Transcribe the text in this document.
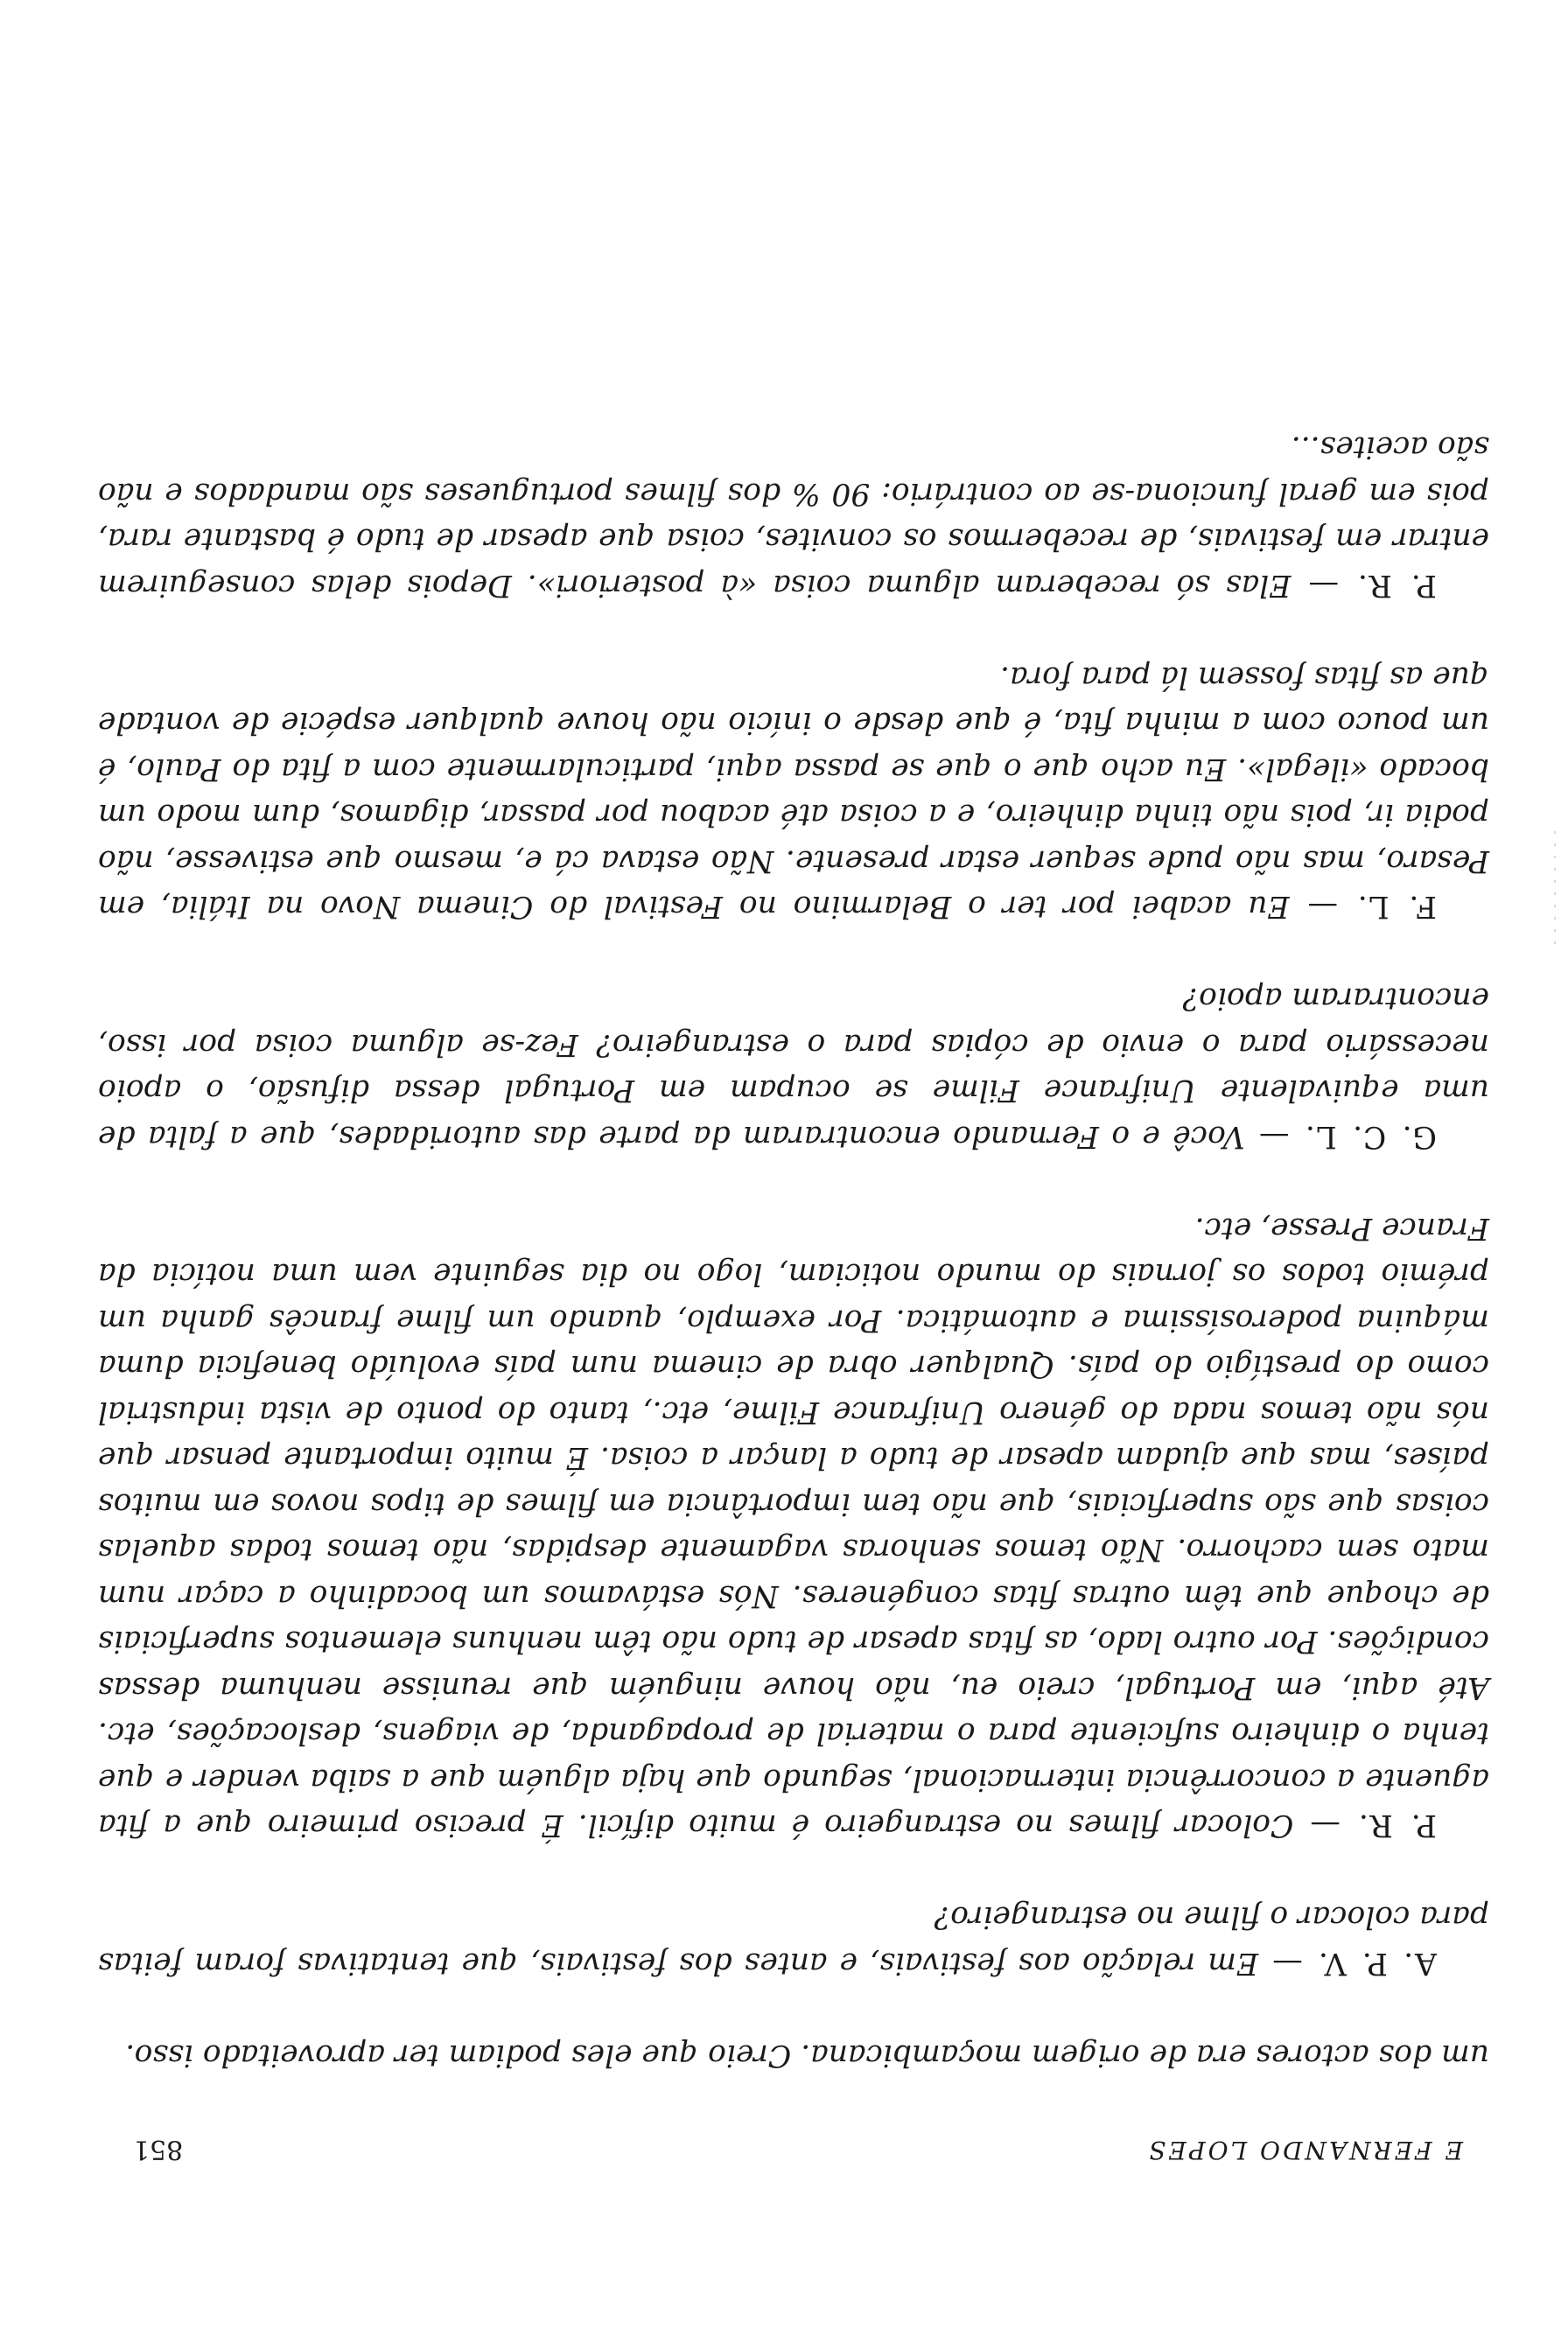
E FERNANDO LOPES
851

um dos actores era de origem moçambicana. Creio que eles podiam ter aproveitado isso.

A. P. V. — Em relação aos festivais, e antes dos festivais, que tentativas foram feitas para colocar o filme no estrangeiro?

P. R. — Colocar filmes no estrangeiro é muito difícil. É preciso primeiro que a fita aguente a concorrência internacional, segundo que haja alguém que a saiba vender e que tenha o dinheiro suficiente para o material de propaganda, de viagens, deslocações, etc. Até aqui, em Portugal, creio eu, não houve ninguém que reunisse nenhuma dessas condições. Por outro lado, as fitas apesar de tudo não têm nenhuns elementos superficiais de choque que têm outras fitas congéneres. Nós estávamos um bocadinho a caçar num mato sem cachorro. Não temos senhoras vagamente despidas, não temos todas aquelas coisas que são superficiais, que não tem importância em filmes de tipos novos em muitos países, mas que ajudam apesar de tudo a lançar a coisa. É muito importante pensar que nós não temos nada do género Unifrance Filme, etc., tanto do ponto de vista industrial como do prestígio do país. Qualquer obra de cinema num país evoluído beneficia duma máquina poderosíssima e automática. Por exemplo, quando um filme francês ganha um prémio todos os jornais do mundo noticiam, logo no dia seguinte vem uma notícia da France Presse, etc.

G. C. L. — Você e o Fernando encontraram da parte das autoridades, que a falta de uma equivalente Unifrance Filme se ocupam em Portugal dessa difusão, o apoio necessário para o envio de cópias para o estrangeiro? Fez-se alguma coisa por isso, encontraram apoio?

F. L. — Eu acabei por ter o Belarmino no Festival do Cinema Novo na Itália, em Pesaro, mas não pude sequer estar presente. Não estava cá e, mesmo que estivesse, não podia ir, pois não tinha dinheiro, e a coisa até acabou por passar, digamos, dum modo um bocado «ilegal». Eu acho que o que se passa aqui, particularmente com a fita do Paulo, é um pouco com a minha fita, é que desde o início não houve qualquer espécie de vontade que as fitas fossem lá para fora.

P. R. — Elas só receberam alguma coisa «à posteriori». Depois delas conseguirem entrar em festivais, de recebermos os convites, coisa que apesar de tudo é bastante rara, pois em geral funciona-se ao contrário: 90 % dos filmes portugueses são mandados e não são aceites...
